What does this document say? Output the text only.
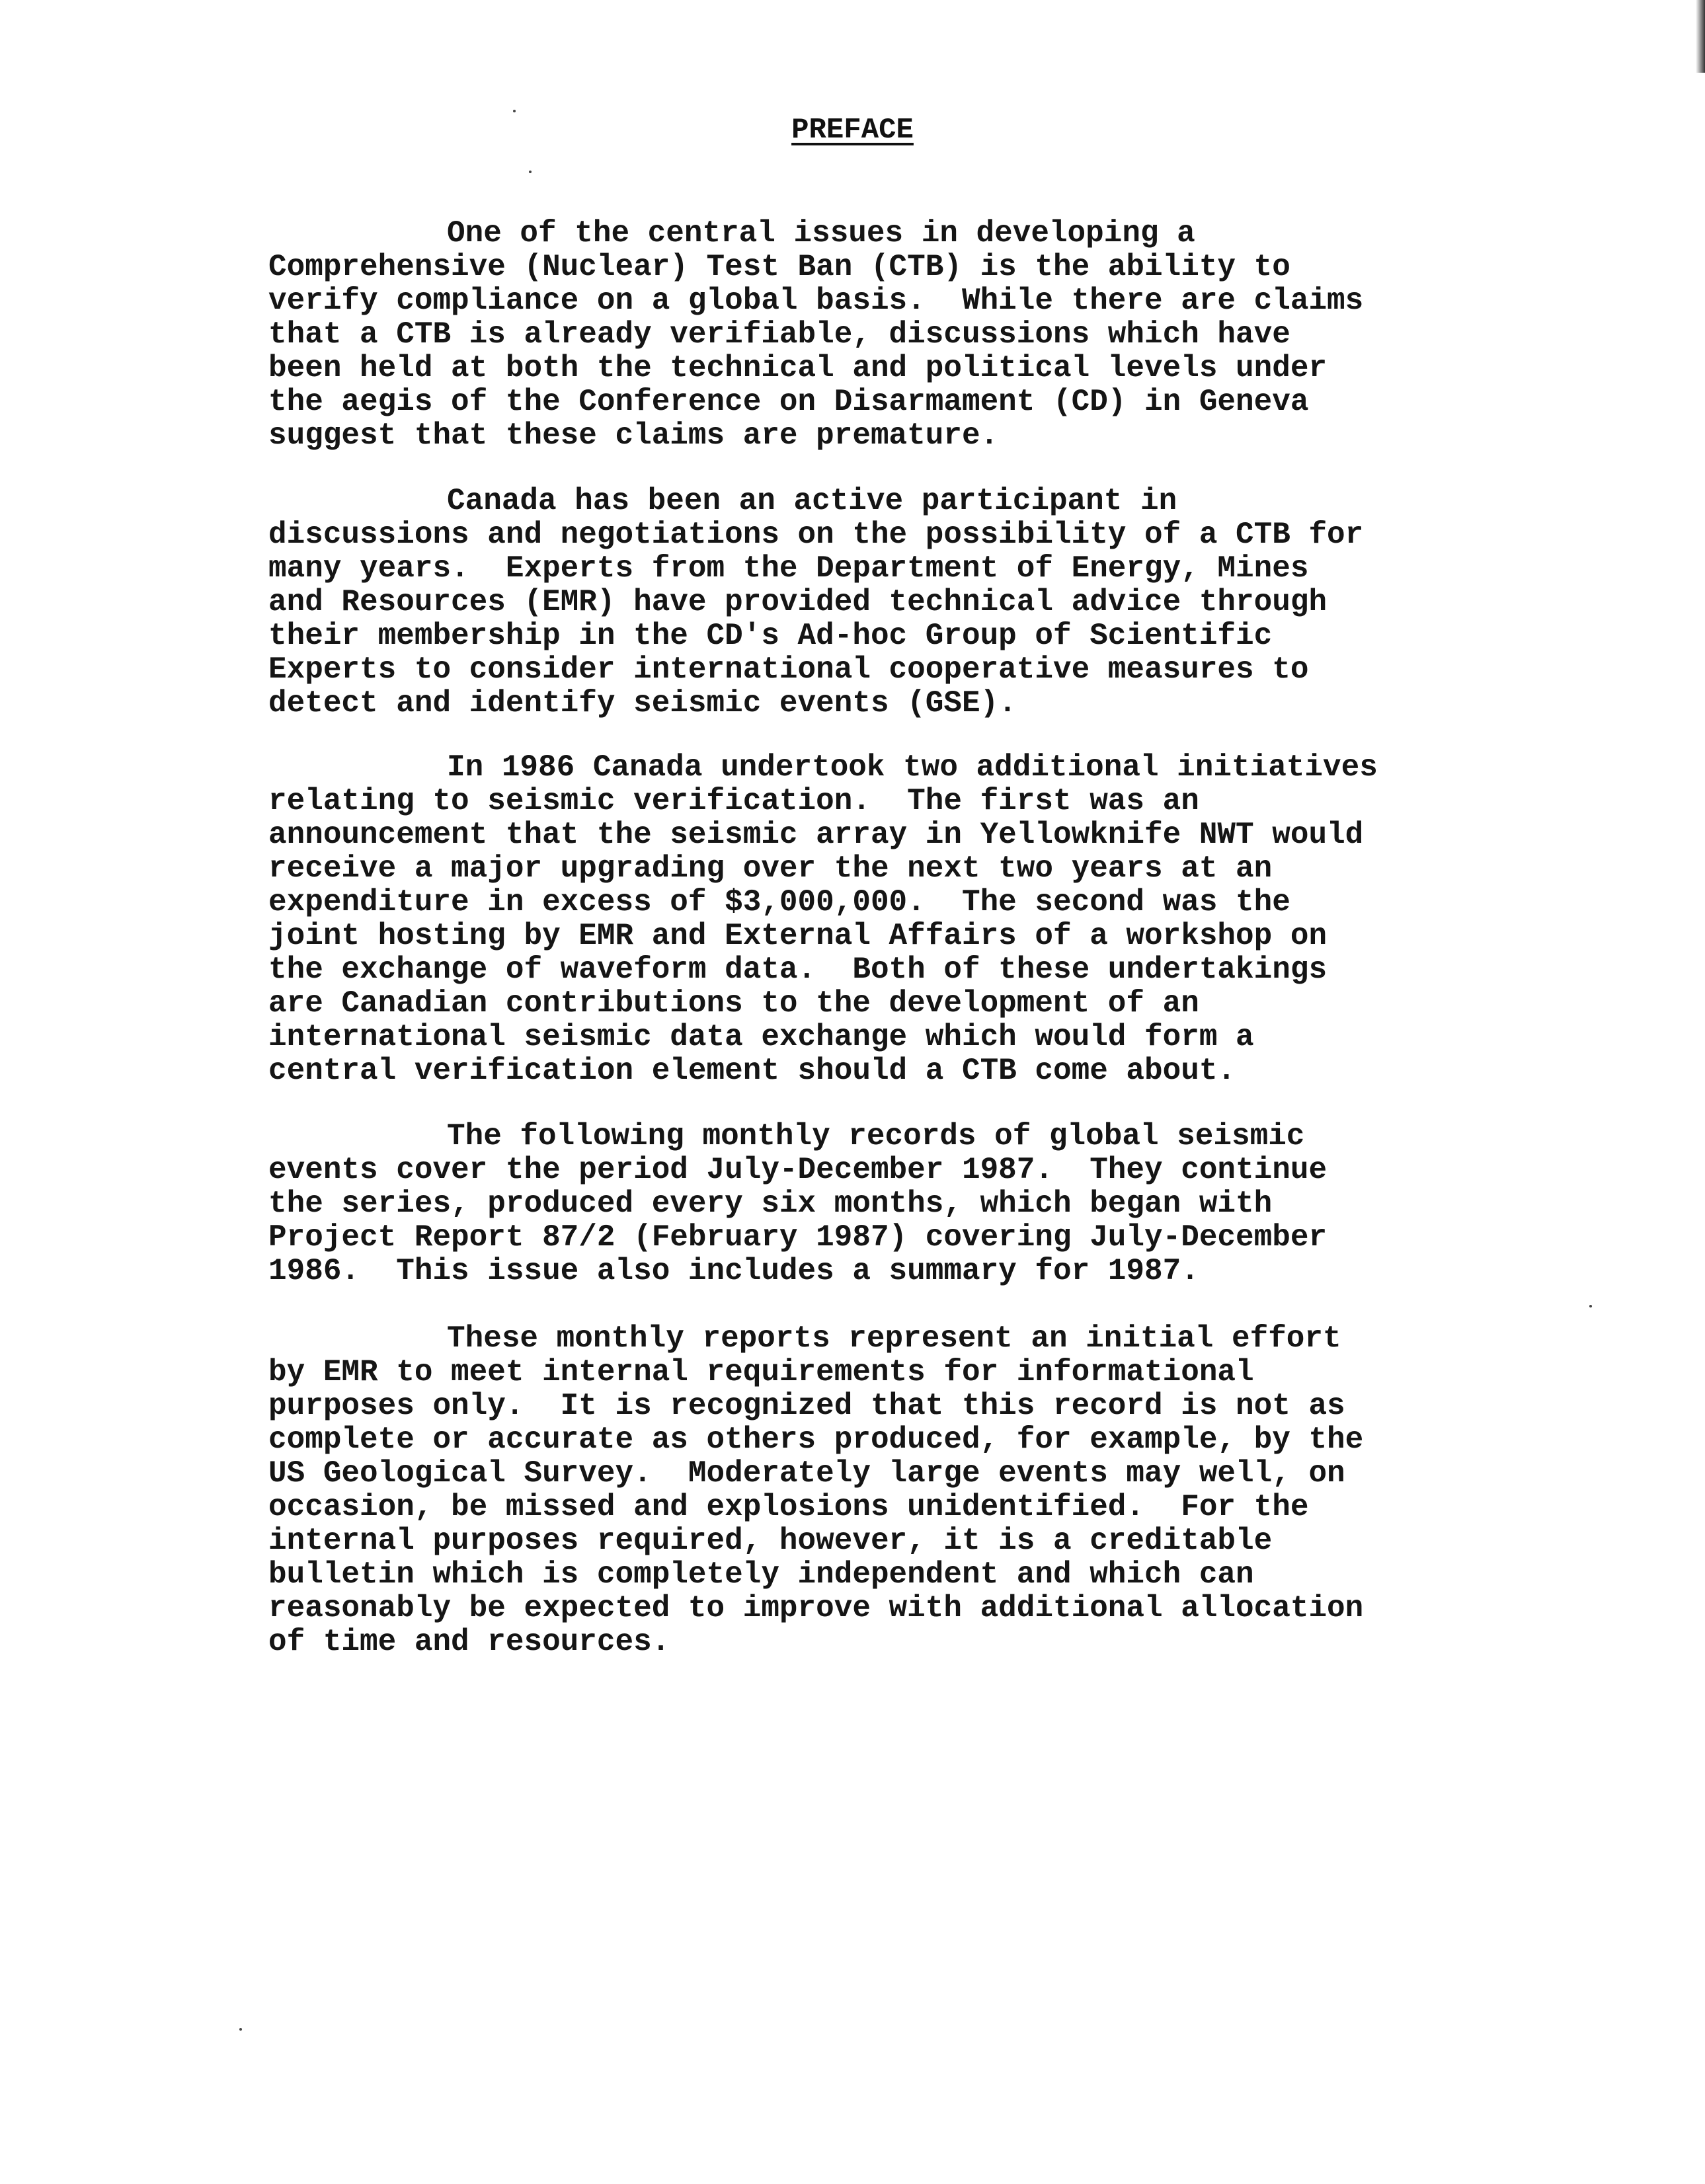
PREFACE
One of the central issues in developing a
Comprehensive (Nuclear) Test Ban (CTB) is the ability to
verify compliance on a global basis.  While there are claims
that a CTB is already verifiable, discussions which have
been held at both the technical and political levels under
the aegis of the Conference on Disarmament (CD) in Geneva
suggest that these claims are premature.
Canada has been an active participant in
discussions and negotiations on the possibility of a CTB for
many years.  Experts from the Department of Energy, Mines
and Resources (EMR) have provided technical advice through
their membership in the CD's Ad-hoc Group of Scientific
Experts to consider international cooperative measures to
detect and identify seismic events (GSE).
In 1986 Canada undertook two additional initiatives
relating to seismic verification.  The first was an
announcement that the seismic array in Yellowknife NWT would
receive a major upgrading over the next two years at an
expenditure in excess of $3,000,000.  The second was the
joint hosting by EMR and External Affairs of a workshop on
the exchange of waveform data.  Both of these undertakings
are Canadian contributions to the development of an
international seismic data exchange which would form a
central verification element should a CTB come about.
The following monthly records of global seismic
events cover the period July-December 1987.  They continue
the series, produced every six months, which began with
Project Report 87/2 (February 1987) covering July-December
1986.  This issue also includes a summary for 1987.
These monthly reports represent an initial effort
by EMR to meet internal requirements for informational
purposes only.  It is recognized that this record is not as
complete or accurate as others produced, for example, by the
US Geological Survey.  Moderately large events may well, on
occasion, be missed and explosions unidentified.  For the
internal purposes required, however, it is a creditable
bulletin which is completely independent and which can
reasonably be expected to improve with additional allocation
of time and resources.
